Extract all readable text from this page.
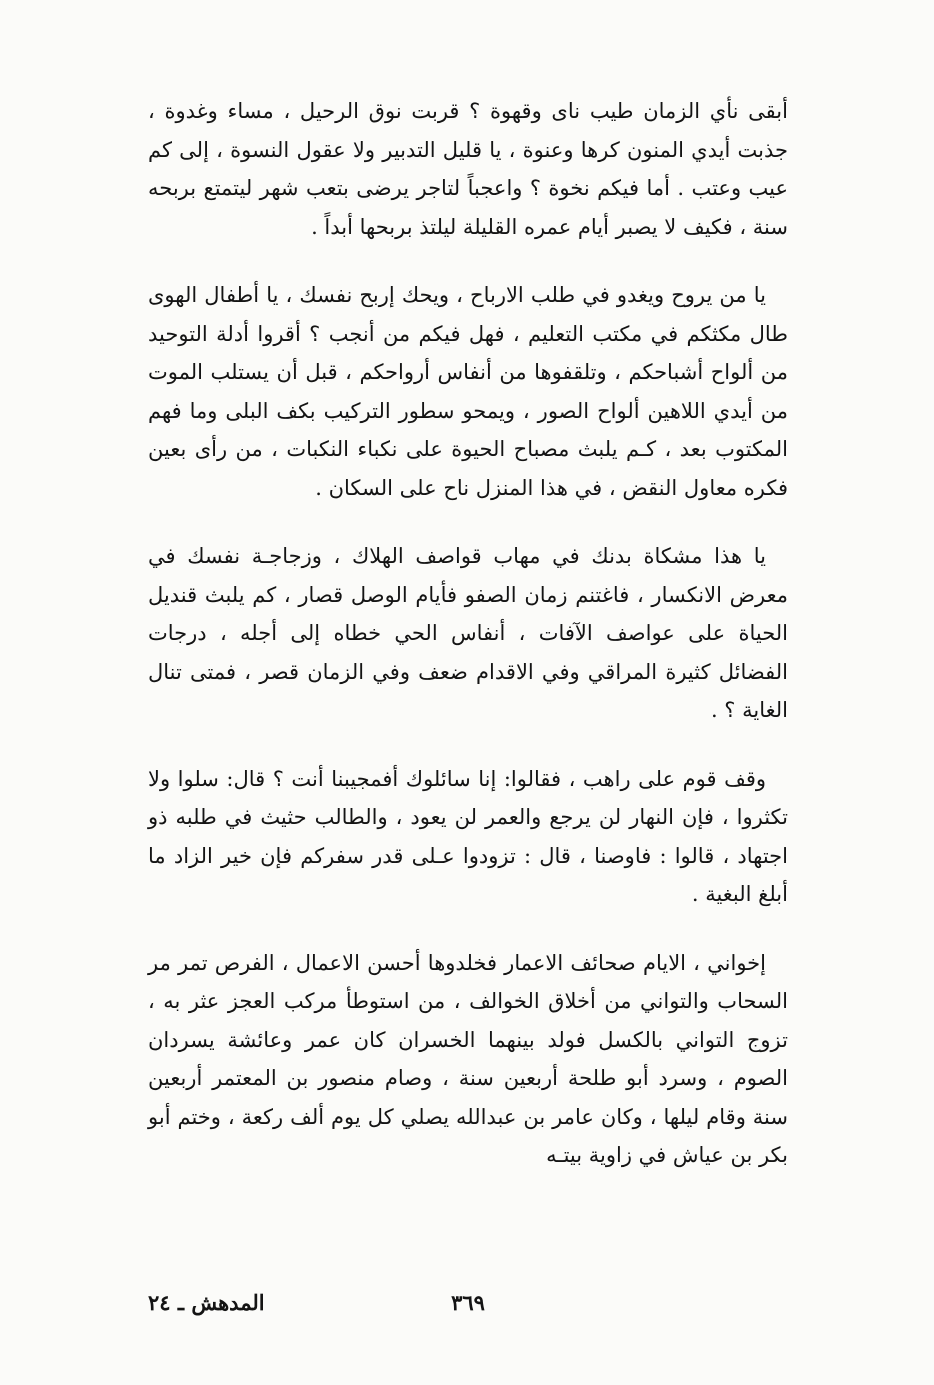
أبقى نأي الزمان طيب ناى وقهوة ؟ قربت نوق الرحيل ، مساء وغدوة ، جذبت أيدي المنون كرها وعنوة ، يا قليل التدبير ولا عقول النسوة ، إلى كم عيب وعتب . أما فيكم نخوة ؟ واعجباً لتاجر يرضى بتعب شهر ليتمتع بربحه سنة ، فكيف لا يصبر أيام عمره القليلة ليلتذ بربحها أبداً .

يا من يروح ويغدو في طلب الارباح ، ويحك إربح نفسك ، يا أطفال الهوى طال مكثكم في مكتب التعليم ، فهل فيكم من أنجب ؟ أقروا أدلة التوحيد من ألواح أشباحكم ، وتلقفوها من أنفاس أرواحكم ، قبل أن يستلب الموت من أيدي اللاهين ألواح الصور ، ويمحو سطور التركيب بكف البلى وما فهم المكتوب بعد ، كـم يلبث مصباح الحيوة على نكباء النكبات ، من رأى بعين فكره معاول النقض ، في هذا المنزل ناح على السكان .

يا هذا مشكاة بدنك في مهاب قواصف الهلاك ، وزجاجـة نفسك في معرض الانكسار ، فاغتنم زمان الصفو فأيام الوصل قصار ، كم يلبث قنديل الحياة على عواصف الآفات ، أنفاس الحي خطاه إلى أجله ، درجات الفضائل كثيرة المراقي وفي الاقدام ضعف وفي الزمان قصر ، فمتى تنال الغاية ؟ .

وقف قوم على راهب ، فقالوا: إنا سائلوك أفمجيبنا أنت ؟ قال: سلوا ولا تكثروا ، فإن النهار لن يرجع والعمر لن يعود ، والطالب حثيث في طلبه ذو اجتهاد ، قالوا : فاوصنا ، قال : تزودوا عـلى قدر سفركم فإن خير الزاد ما أبلغ البغية .

إخواني ، الايام صحائف الاعمار فخلدوها أحسن الاعمال ، الفرص تمر مر السحاب والتواني من أخلاق الخوالف ، من استوطأ مركب العجز عثر به ، تزوج التواني بالكسل فولد بينهما الخسران كان عمر وعائشة يسردان الصوم ، وسرد أبو طلحة أربعين سنة ، وصام منصور بن المعتمر أربعين سنة وقام ليلها ، وكان عامر بن عبدالله يصلي كل يوم ألف ركعة ، وختم أبو بكر بن عياش في زاوية بيتـه

٣٦٩
المدهش ـ ٢٤
